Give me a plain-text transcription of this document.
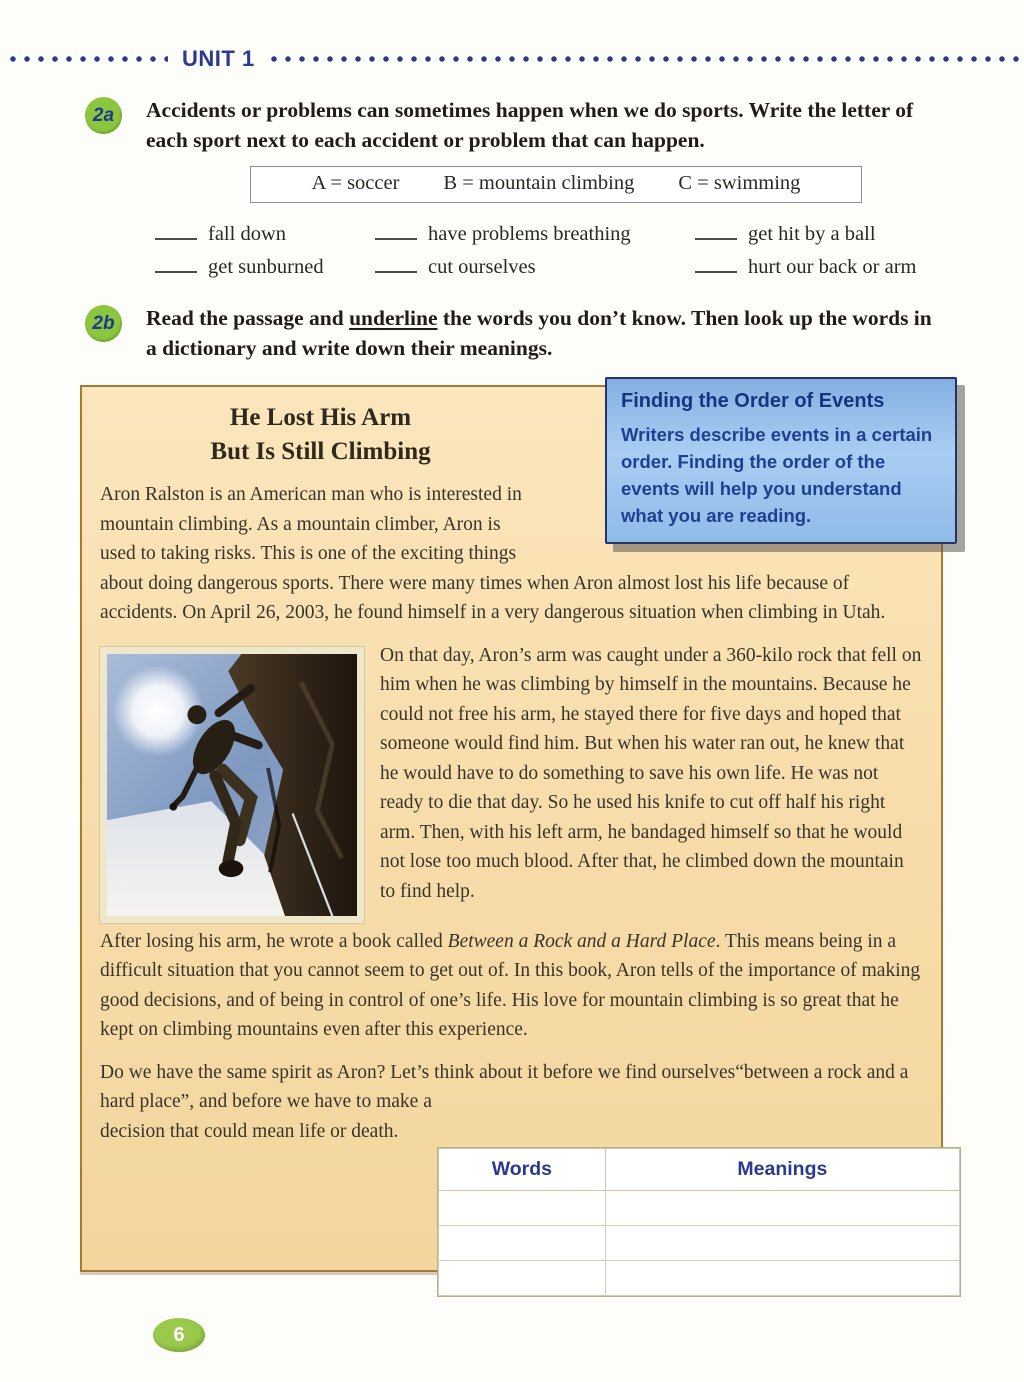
UNIT 1
2a	Accidents or problems can sometimes happen when we do sports. Write the letter of each sport next to each accident or problem that can happen.
A = soccer B = mountain climbing C = swimming
fall down	have problems breathing	get hit by a ball
get sunburned	cut ourselves	hurt our back or arm
2b	Read the passage and underline the words you don’t know. Then look up the words in a dictionary and write down their meanings.
Finding the Order of Events
Writers describe events in a certain order. Finding the order of the events will help you understand what you are reading.
He Lost His Arm
But Is Still Climbing

Aron Ralston is an American man who is interested in mountain climbing. As a mountain climber, Aron is used to taking risks. This is one of the exciting things about doing dangerous sports. There were many times when Aron almost lost his life because of accidents. On April 26, 2003, he found himself in a very dangerous situation when climbing in Utah.

On that day, Aron’s arm was caught under a 360-kilo rock that fell on him when he was climbing by himself in the mountains. Because he could not free his arm, he stayed there for five days and hoped that someone would find him. But when his water ran out, he knew that he would have to do something to save his own life. He was not ready to die that day. So he used his knife to cut off half his right arm. Then, with his left arm, he bandaged himself so that he would not lose too much blood. After that, he climbed down the mountain to find help.

After losing his arm, he wrote a book called Between a Rock and a Hard Place. This means being in a difficult situation that you cannot seem to get out of. In this book, Aron tells of the importance of making good decisions, and of being in control of one’s life. His love for mountain climbing is so great that he kept on climbing mountains even after this experience.

Do we have the same spirit as Aron? Let’s think about it before we find ourselves
“between a rock and a hard place”, and before we have to make a decision that could mean life or death.

Words	Meanings

6
